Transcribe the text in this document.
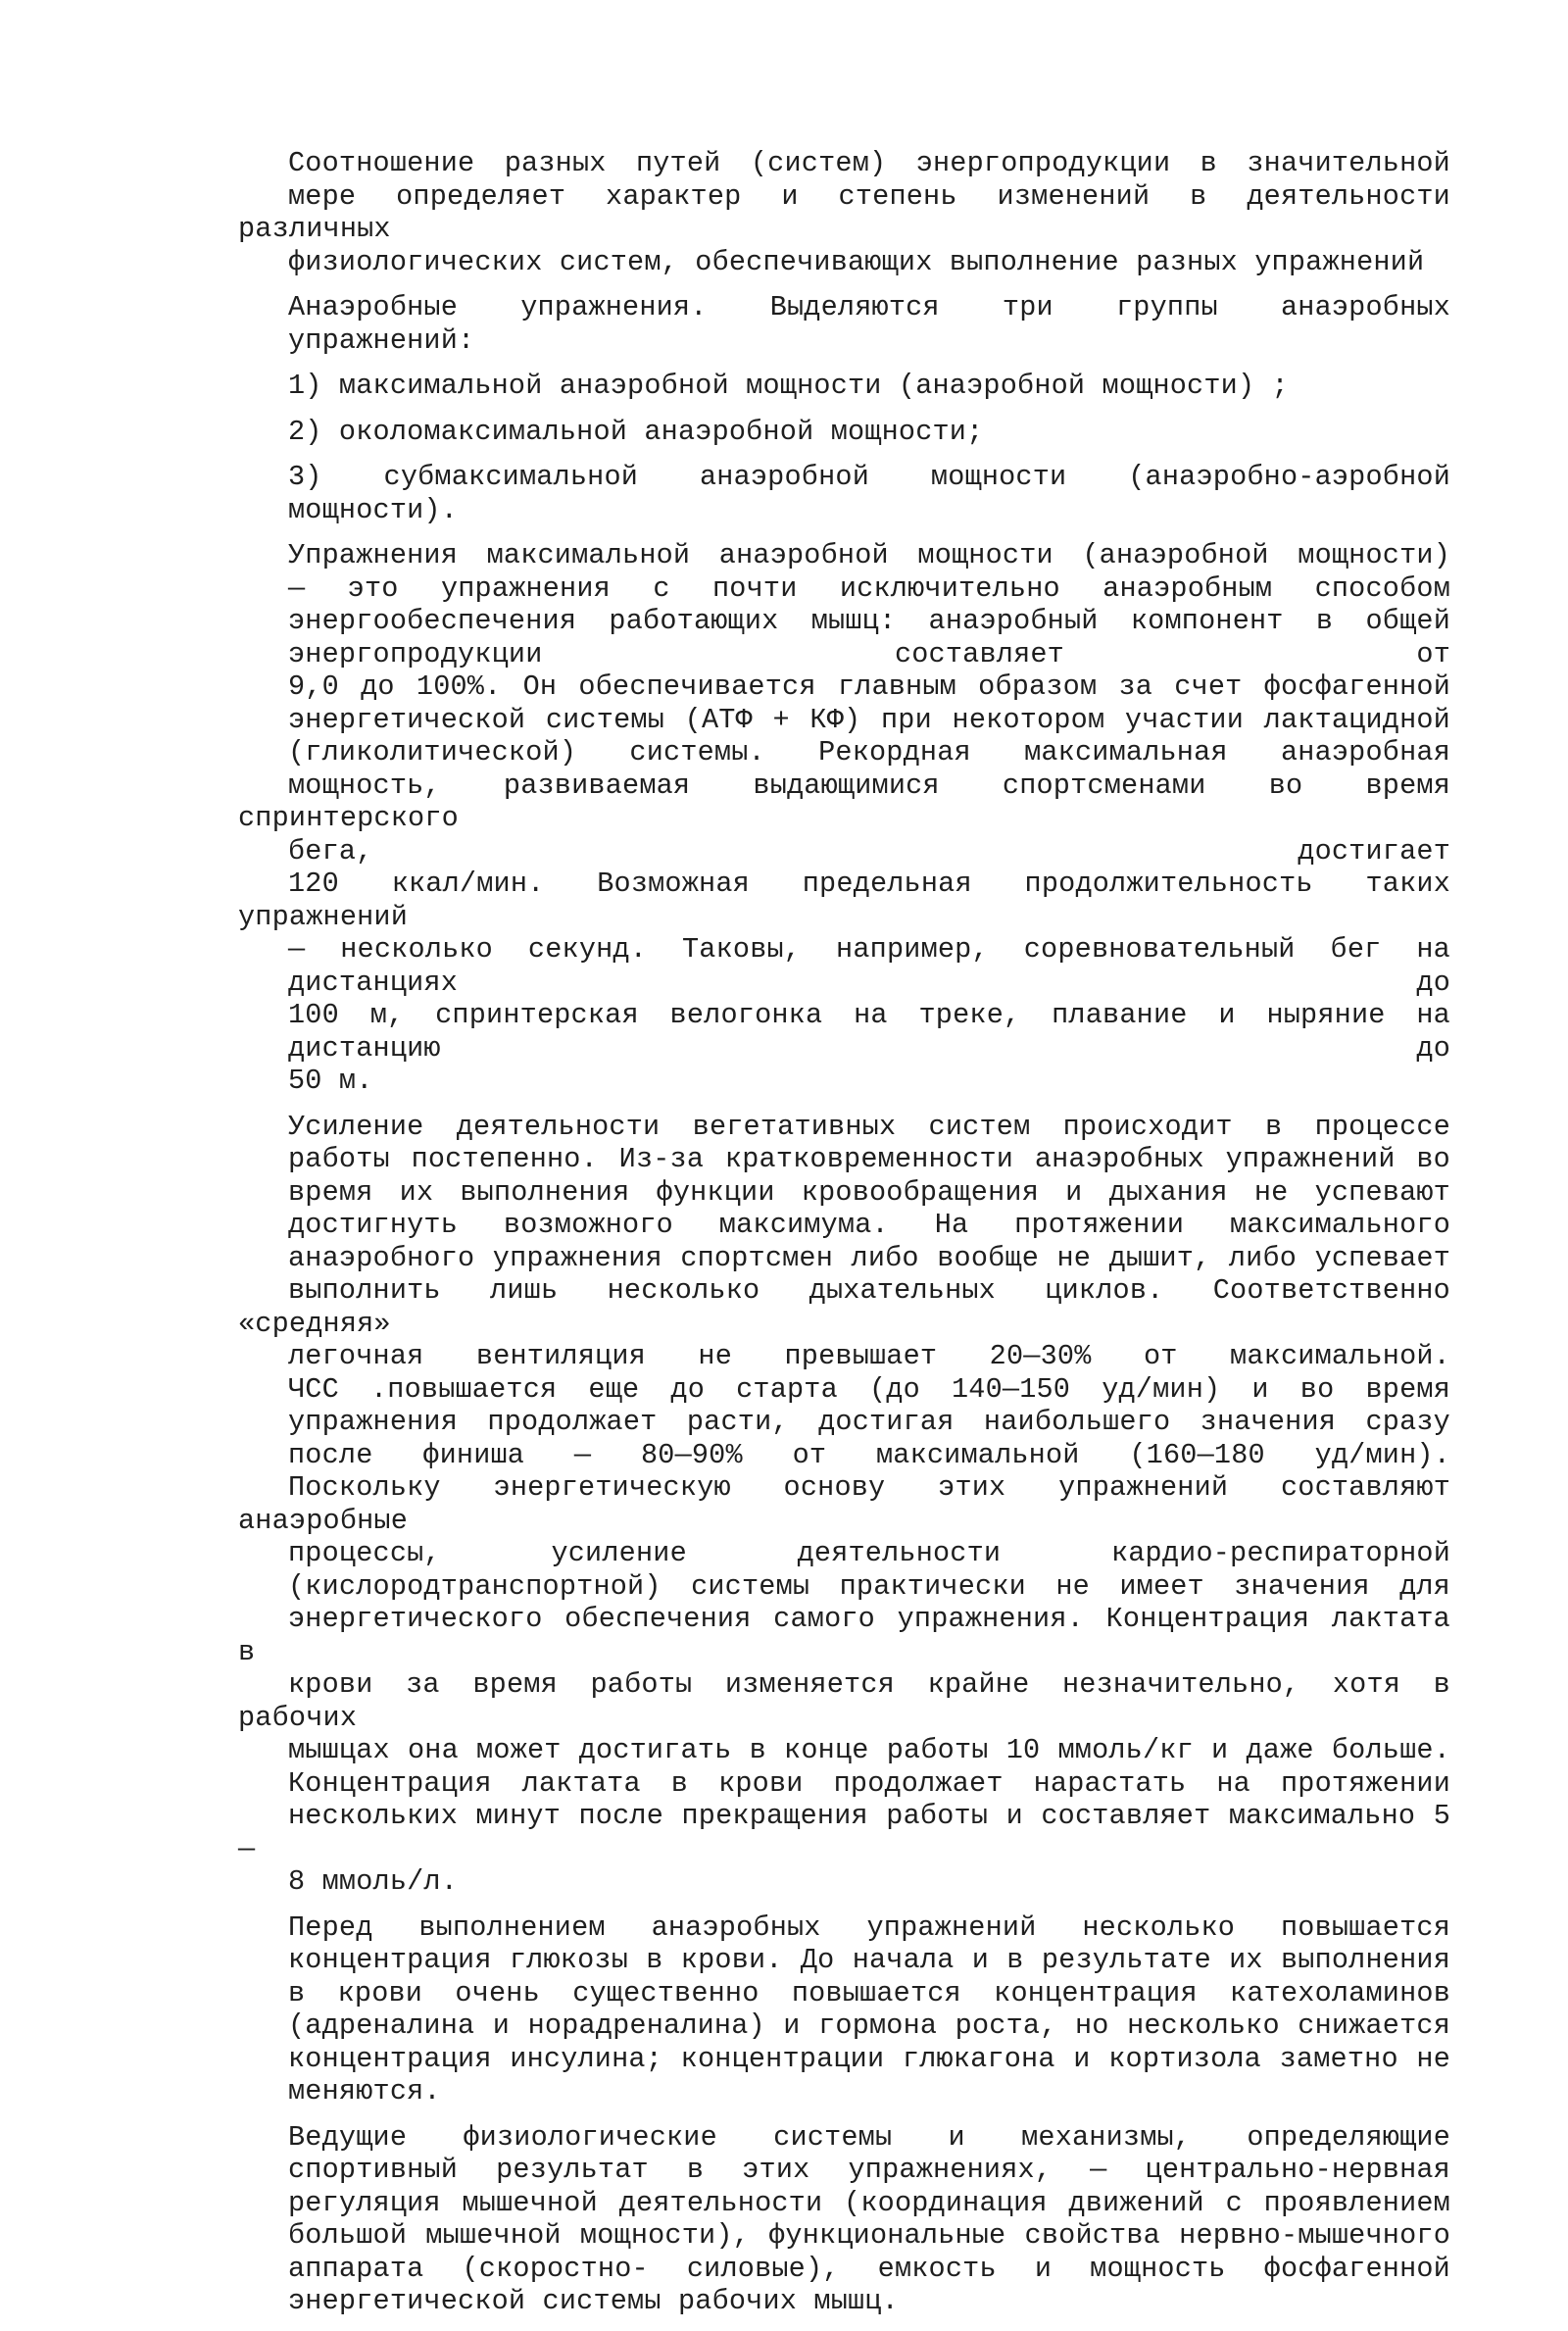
Соотношение разных путей (систем) энергопродукции в значительной
мере определяет характер и степень изменений в деятельности различных
физиологических систем, обеспечивающих выполнение разных упражнений
Анаэробные упражнения. Выделяются три группы анаэробных
упражнений:
1) максимальной анаэробной мощности (анаэробной мощности) ;
2) околомаксимальной анаэробной мощности;
3) субмаксимальной анаэробной мощности (анаэробно-аэробной
мощности).
Упражнения максимальной анаэробной мощности (анаэробной мощности)
— это упражнения с почти исключительно анаэробным способом
энергообеспечения работающих мышц: анаэробный компонент в общей
энергопродукции составляет от
9,0 до 100%. Он обеспечивается главным образом за счет фосфагенной
энергетической системы (АТФ + КФ) при некотором участии лактацидной
(гликолитической) системы. Рекордная максимальная анаэробная
мощность, развиваемая выдающимися спортсменами во время спринтерского
бега, достигает
120 ккал/мин. Возможная предельная продолжительность таких упражнений
— несколько секунд. Таковы, например, соревновательный бег на
дистанциях до
100 м, спринтерская велогонка на треке, плавание и ныряние на
дистанцию до
50 м.
Усиление деятельности вегетативных систем происходит в процессе
работы постепенно. Из-за кратковременности анаэробных упражнений во
время их выполнения функции кровообращения и дыхания не успевают
достигнуть возможного максимума. На протяжении максимального
анаэробного упражнения спортсмен либо вообще не дышит, либо успевает
выполнить лишь несколько дыхательных циклов. Соответственно «средняя»
легочная вентиляция не превышает 20—30% от максимальной.
ЧСС .повышается еще до старта (до 140—150 уд/мин) и во время
упражнения продолжает расти, достигая наибольшего значения сразу
после финиша — 80—90% от максимальной (160—180 уд/мин).
Поскольку энергетическую основу этих упражнений составляют анаэробные
процессы, усиление деятельности кардио-респираторной
(кислородтранспортной) системы практически не имеет значения для
энергетического обеспечения самого упражнения. Концентрация лактата в
крови за время работы изменяется крайне незначительно, хотя в рабочих
мышцах она может достигать в конце работы 10 ммоль/кг и даже больше.
Концентрация лактата в крови продолжает нарастать на протяжении
нескольких минут после прекращения работы и составляет максимально 5—
8 ммоль/л.
Перед выполнением анаэробных упражнений несколько повышается
концентрация глюкозы в крови. До начала и в результате их выполнения
в крови очень существенно повышается концентрация катехоламинов
(адреналина и норадреналина) и гормона роста, но несколько снижается
концентрация инсулина; концентрации глюкагона и кортизола заметно не
меняются.
Ведущие физиологические системы и механизмы, определяющие
спортивный результат в этих упражнениях, — центрально-нервная
регуляция мышечной деятельности (координация движений с проявлением
большой мышечной мощности), функциональные свойства нервно-мышечного
аппарата (скоростно- силовые), емкость и мощность фосфагенной
энергетической системы рабочих мышц.
